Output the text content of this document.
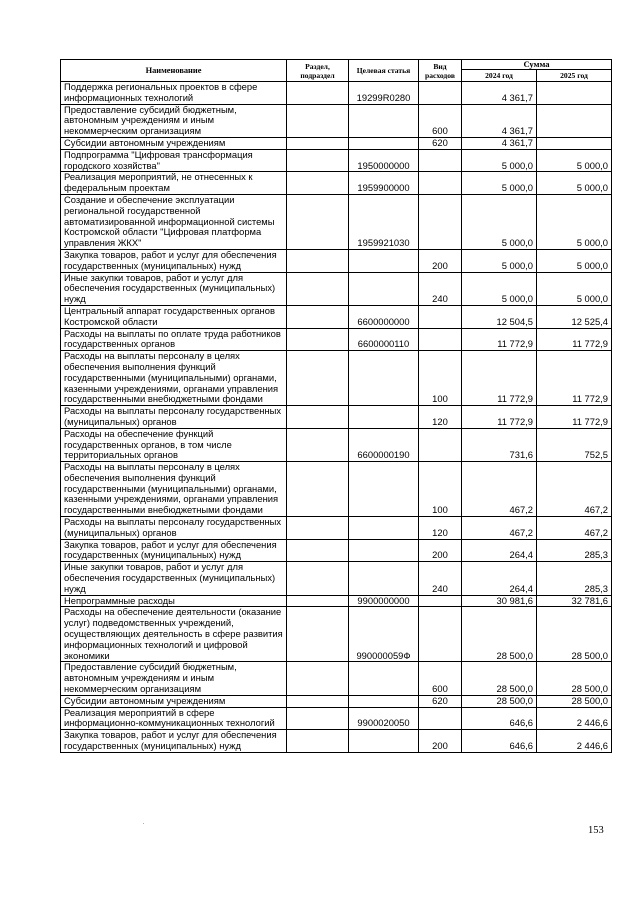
Наименование	Раздел, подраздел	Целевая статья	Вид расходов	Сумма	
				2024 год	2025 год
Поддержка региональных проектов в сфере информационных технологий		19299R0280		4 361,7	
Предоставление субсидий бюджетным, автономным учреждениям и иным некоммерческим организациям			600	4 361,7	
Субсидии автономным учреждениям			620	4 361,7	
Подпрограмма "Цифровая трансформация городского хозяйства"		1950000000		5 000,0	5 000,0
Реализация мероприятий, не отнесенных к федеральным проектам		1959900000		5 000,0	5 000,0
Создание и обеспечение эксплуатации региональной государственной автоматизированной информационной системы Костромской области "Цифровая платформа управления ЖКХ"		1959921030		5 000,0	5 000,0
Закупка товаров, работ и услуг для обеспечения государственных (муниципальных) нужд			200	5 000,0	5 000,0
Иные закупки товаров, работ и услуг для обеспечения государственных (муниципальных) нужд			240	5 000,0	5 000,0
Центральный аппарат государственных органов Костромской области		6600000000		12 504,5	12 525,4
Расходы на выплаты по оплате труда работников государственных органов		6600000110		11 772,9	11 772,9
Расходы на выплаты персоналу в целях обеспечения выполнения функций государственными (муниципальными) органами, казенными учреждениями, органами управления государственными внебюджетными фондами			100	11 772,9	11 772,9
Расходы на выплаты персоналу государственных (муниципальных) органов			120	11 772,9	11 772,9
Расходы на обеспечение функций государственных органов, в том числе территориальных органов		6600000190		731,6	752,5
Расходы на выплаты персоналу в целях обеспечения выполнения функций государственными (муниципальными) органами, казенными учреждениями, органами управления государственными внебюджетными фондами			100	467,2	467,2
Расходы на выплаты персоналу государственных (муниципальных) органов			120	467,2	467,2
Закупка товаров, работ и услуг для обеспечения государственных (муниципальных) нужд			200	264,4	285,3
Иные закупки товаров, работ и услуг для обеспечения государственных (муниципальных) нужд			240	264,4	285,3
Непрограммные расходы		9900000000		30 981,6	32 781,6
Расходы на обеспечение деятельности (оказание услуг) подведомственных учреждений, осуществляющих деятельность в сфере развития информационных технологий и цифровой экономики		990000059Ф		28 500,0	28 500,0
Предоставление субсидий бюджетным, автономным учреждениям и иным некоммерческим организациям			600	28 500,0	28 500,0
Субсидии автономным учреждениям			620	28 500,0	28 500,0
Реализация мероприятий в сфере информационно-коммуникационных технологий		9900020050		646,6	2 446,6
Закупка товаров, работ и услуг для обеспечения государственных (муниципальных) нужд			200	646,6	2 446,6
153
